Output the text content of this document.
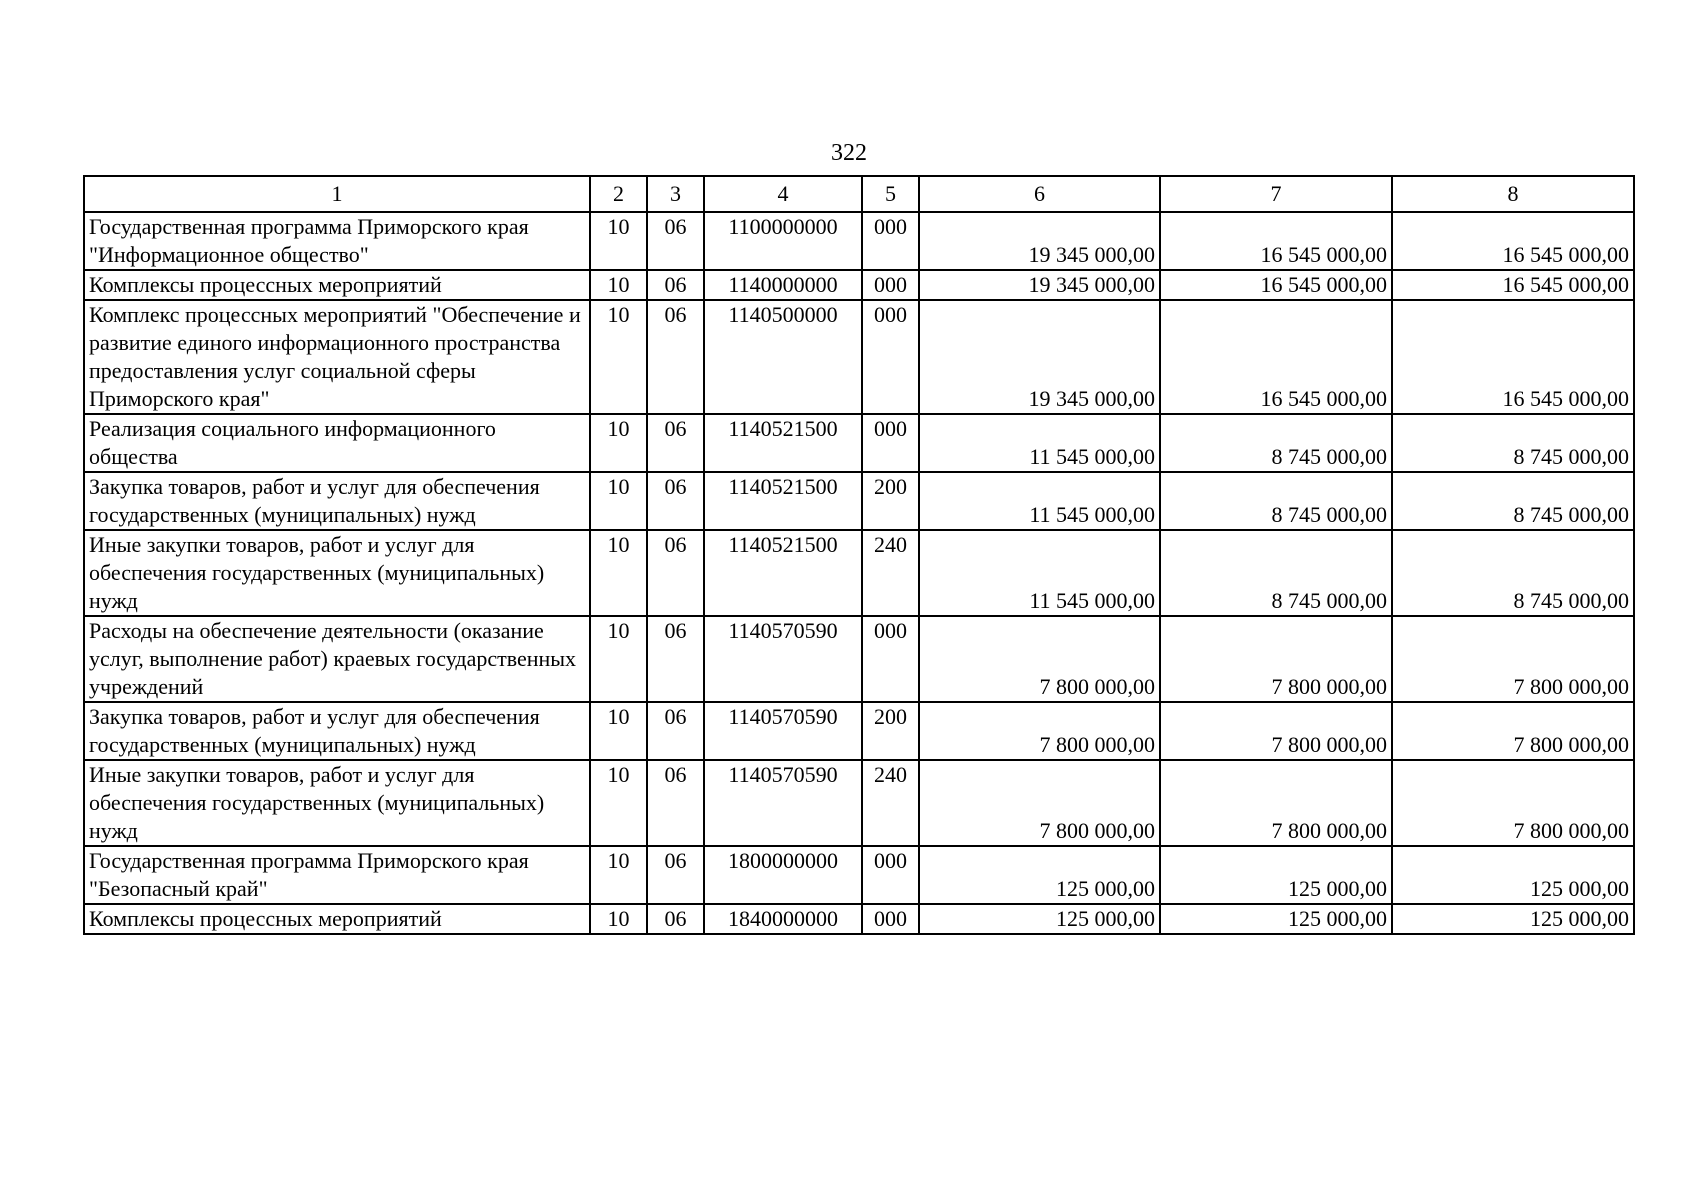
322
1	2	3	4	5	6	7	8
Государственная программа Приморского края "Информационное общество"	10	06	1100000000	000	19 345 000,00	16 545 000,00	16 545 000,00
Комплексы процессных мероприятий	10	06	1140000000	000	19 345 000,00	16 545 000,00	16 545 000,00
Комплекс процессных мероприятий "Обеспечение и развитие единого информационного пространства предоставления услуг социальной сферы Приморского края"	10	06	1140500000	000	19 345 000,00	16 545 000,00	16 545 000,00
Реализация социального информационного общества	10	06	1140521500	000	11 545 000,00	8 745 000,00	8 745 000,00
Закупка товаров, работ и услуг для обеспечения государственных (муниципальных) нужд	10	06	1140521500	200	11 545 000,00	8 745 000,00	8 745 000,00
Иные закупки товаров, работ и услуг для обеспечения государственных (муниципальных) нужд	10	06	1140521500	240	11 545 000,00	8 745 000,00	8 745 000,00
Расходы на обеспечение деятельности (оказание услуг, выполнение работ) краевых государственных учреждений	10	06	1140570590	000	7 800 000,00	7 800 000,00	7 800 000,00
Закупка товаров, работ и услуг для обеспечения государственных (муниципальных) нужд	10	06	1140570590	200	7 800 000,00	7 800 000,00	7 800 000,00
Иные закупки товаров, работ и услуг для обеспечения государственных (муниципальных) нужд	10	06	1140570590	240	7 800 000,00	7 800 000,00	7 800 000,00
Государственная программа Приморского края "Безопасный край"	10	06	1800000000	000	125 000,00	125 000,00	125 000,00
Комплексы процессных мероприятий	10	06	1840000000	000	125 000,00	125 000,00	125 000,00
